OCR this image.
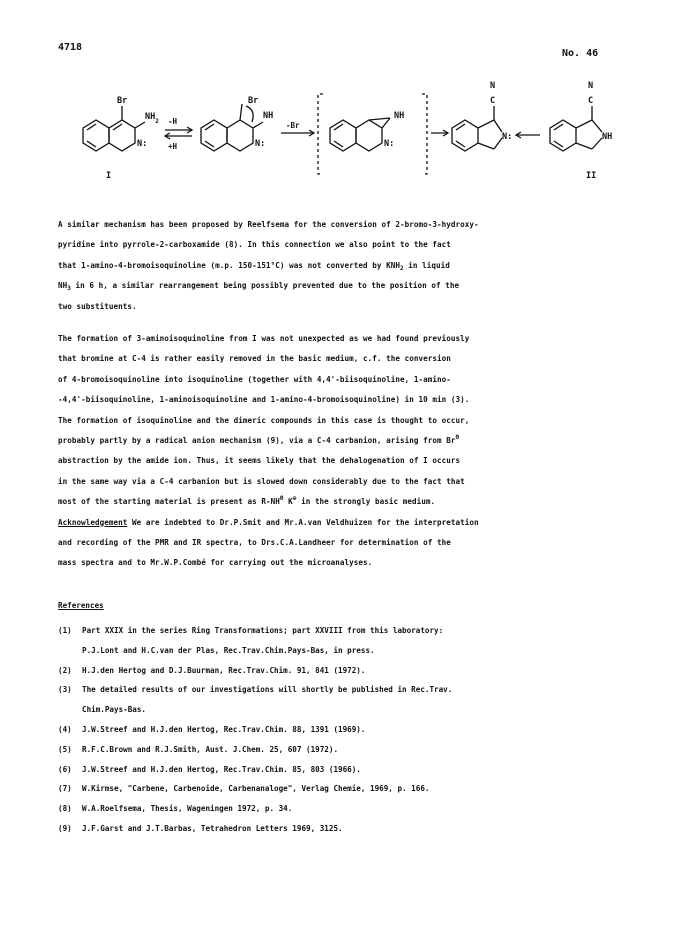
4718
No. 46
Br
$NH_2$
N:
-H
+H
Br
NH
N:
-Br
NH
N:
N
C
N:
N
C
NH
I	II
A similar mechanism has been proposed by Reelfsema for the conversion of 2-bromo-3-hydroxy-
pyridine into pyrrole-2-carboxamide (8). In this connection we also point to the fact
that 1-amino-4-bromoisoquinoline (m.p. 150-151°C) was not converted by $KNH_2$ in liquid
$NH_3$ in 6 h, a similar rearrangement being possibly prevented due to the position of the
two substituents.
The formation of 3-aminoisoquinoline from I was not unexpected as we had found previously
that bromine at C-4 is rather easily removed in the basic medium, c.f. the conversion
of 4-bromoisoquinoline into isoquinoline (together with 4,4'-biisoquinoline, 1-amino-
-4,4'-biisoquinoline, 1-aminoisoquinoline and 1-amino-4-bromoisoquinoline) in 10 min (3).
The formation of isoquinoline and the dimeric compounds in this case is thought to occur,
probably partly by a radical anion mechanism (9), via a C-4 carbanion, arising from $Br^\Theta$
abstraction by the amide ion. Thus, it seems likely that the dehalogenation of I occurs
in the same way via a C-4 carbanion but is slowed down considerably due to the fact that
most of the starting material is present as $R-NH^\Theta$ K⊕ in the strongly basic medium.
Acknowledgement We are indebted to Dr.P.Smit and Mr.A.van Veldhuizen for the interpretation
and recording of the PMR and IR spectra, to Drs.C.A.Landheer for determination of the
mass spectra and to Mr.W.P.Combé for carrying out the microanalyses.
References
(1) Part XXIX in the series Ring Transformations; part XXVIII from this laboratory:
P.J.Lont and H.C.van der Plas, Rec.Trav.Chim.Pays-Bas, in press.
(2) H.J.den Hertog and D.J.Buurman, Rec.Trav.Chim. 91, 841 (1972).
(3) The detailed results of our investigations will shortly be published in Rec.Trav.
Chim.Pays-Bas.
(4) J.W.Streef and H.J.den Hertog, Rec.Trav.Chim. 88, 1391 (1969).
(5) R.F.C.Brown and R.J.Smith, Aust. J.Chem. 25, 607 (1972).
(6) J.W.Streef and H.J.den Hertog, Rec.Trav.Chim. 85, 803 (1966).
(7) W.Kirmse, "Carbene, Carbenoide, Carbenanaloge", Verlag Chemie, 1969, p. 166.
(8) W.A.Roelfsema, Thesis, Wageningen 1972, p. 34.
(9) J.F.Garst and J.T.Barbas, Tetrahedron Letters 1969, 3125.
